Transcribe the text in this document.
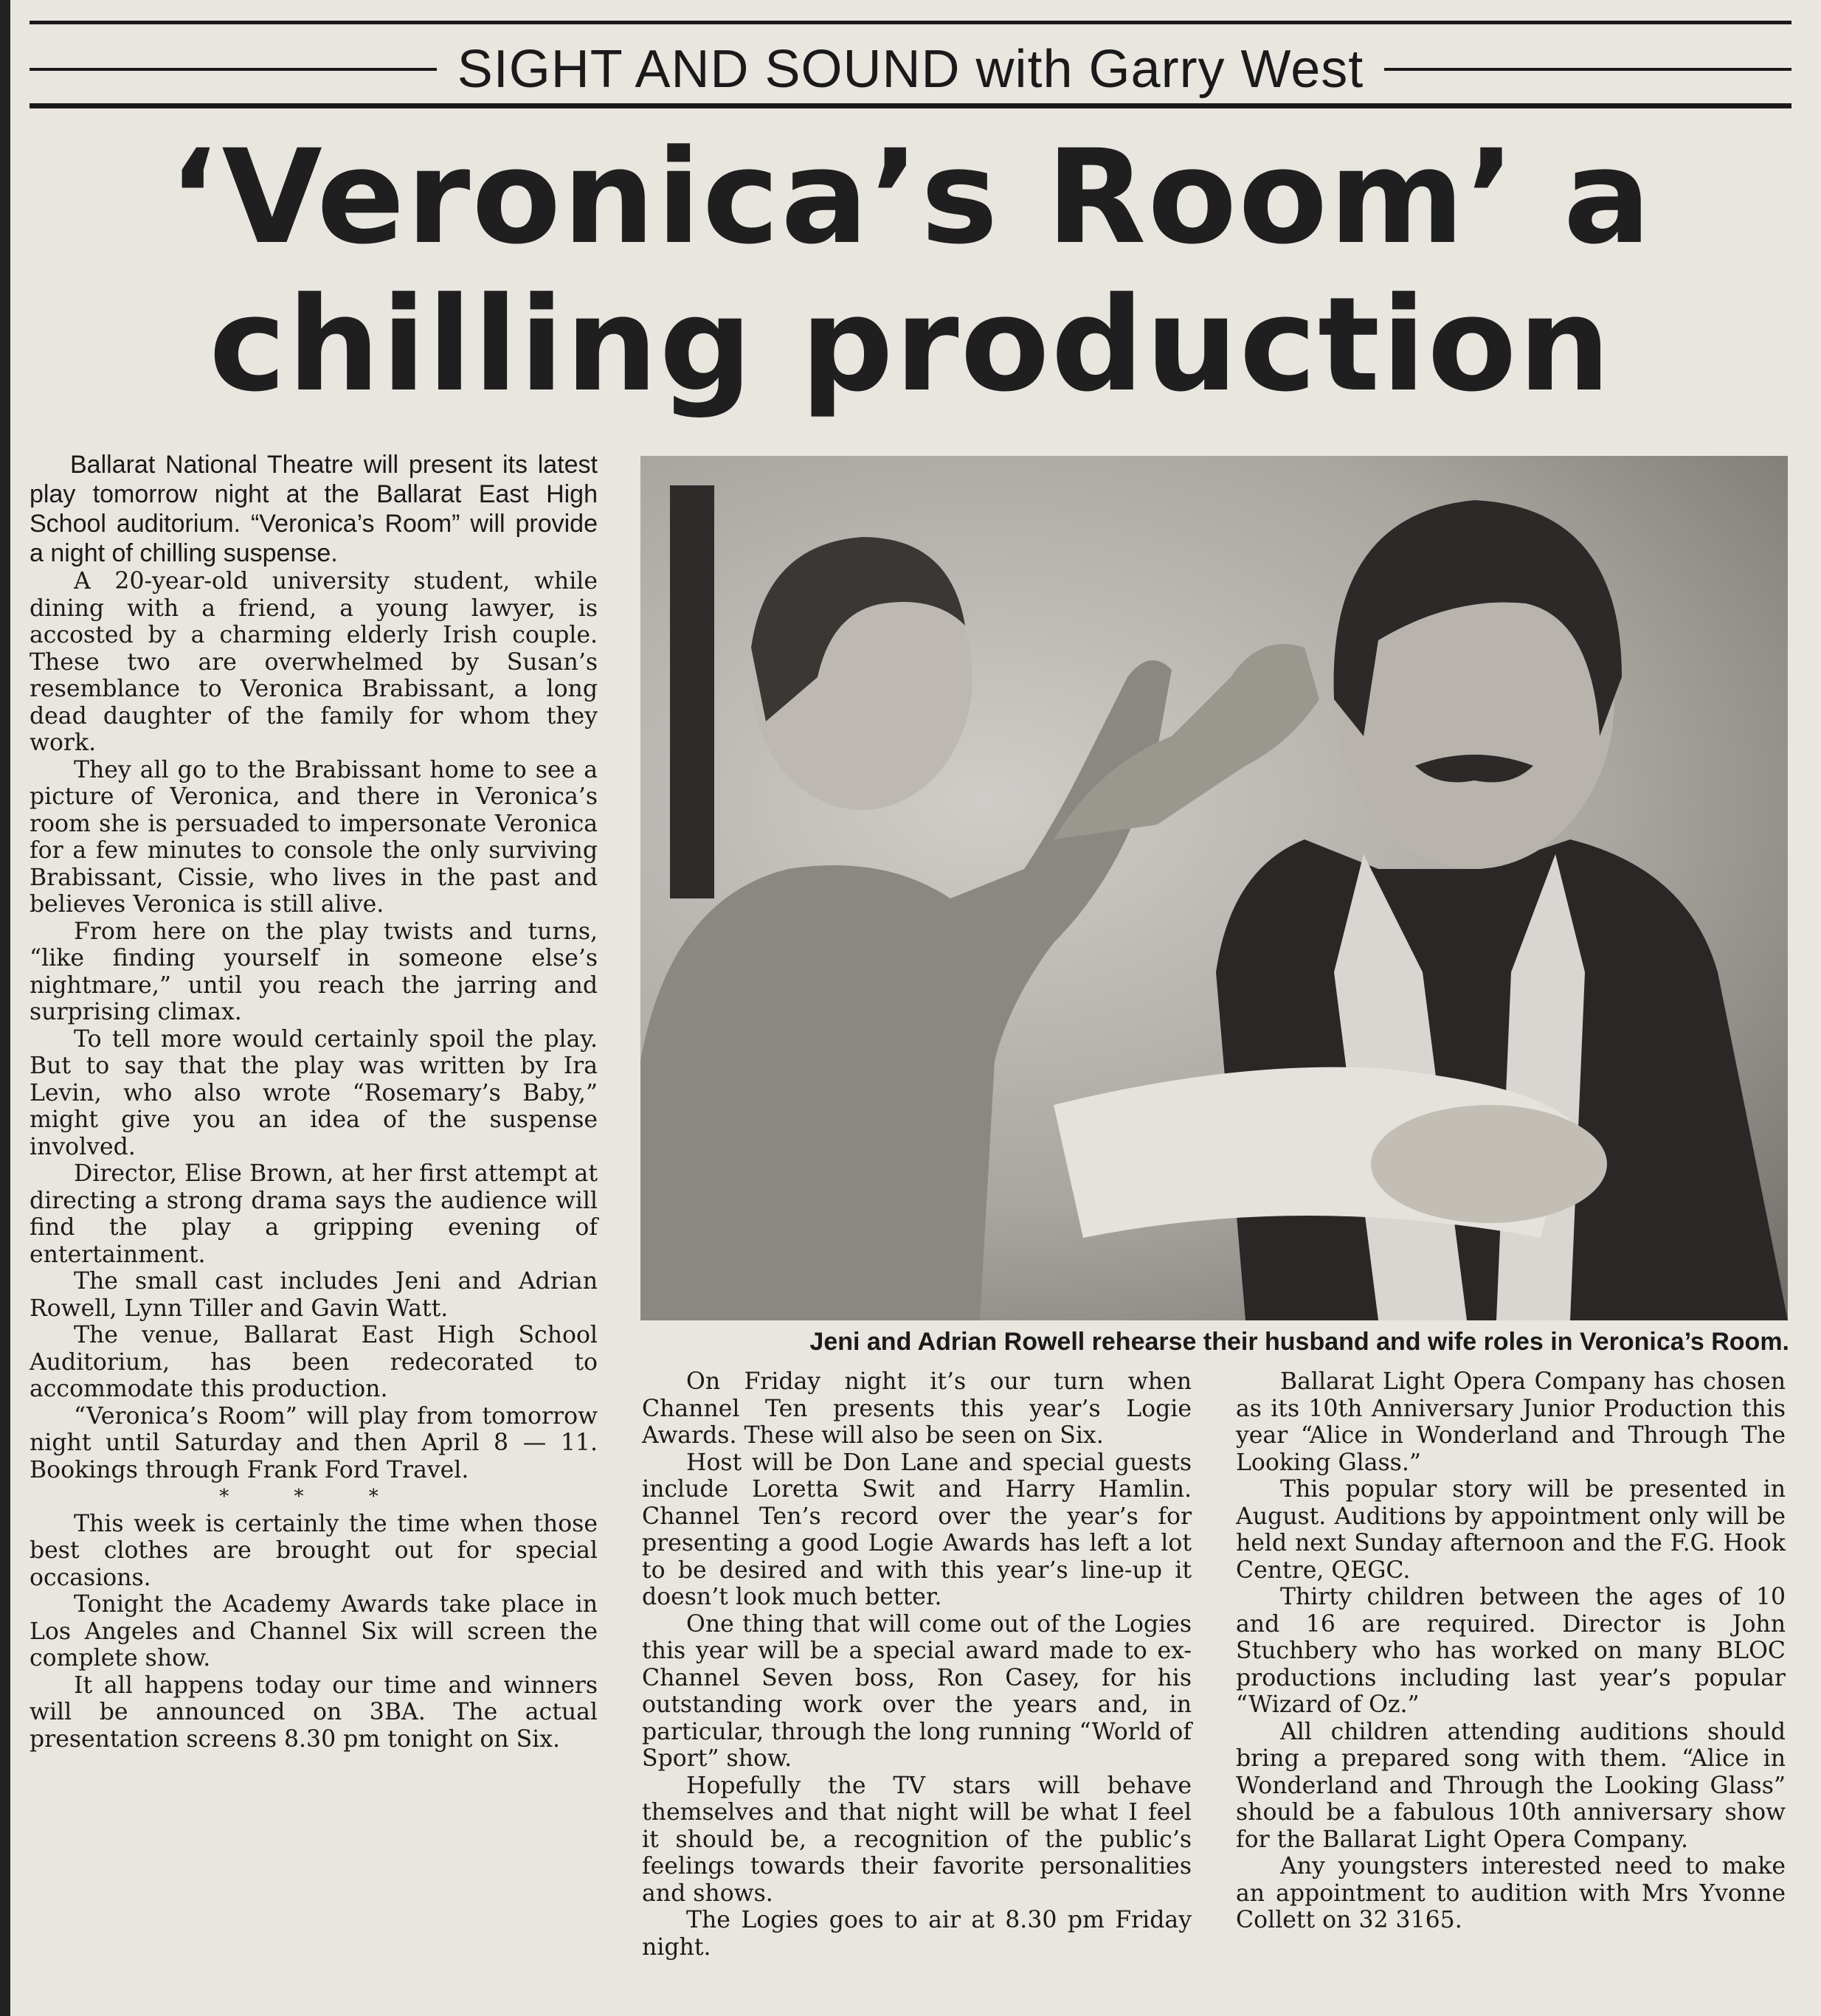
SIGHT AND SOUND with Garry West
‘Veronica’s Room’ a
chilling production

Ballarat National Theatre will present its latest play tomorrow night at the Ballarat East High School auditorium. “Veronica’s Room” will provide a night of chilling suspense.

A 20-year-old university student, while dining with a friend, a young lawyer, is accosted by a charming elderly Irish couple. These two are overwhelmed by Susan’s resemblance to Veronica Brabissant, a long dead daughter of the family for whom they work.

They all go to the Brabissant home to see a picture of Veronica, and there in Veronica’s room she is persuaded to impersonate Veronica for a few minutes to console the only surviving Brabissant, Cissie, who lives in the past and believes Veronica is still alive.

From here on the play twists and turns, “like finding yourself in someone else’s nightmare,” until you reach the jarring and surprising climax.

To tell more would certainly spoil the play. But to say that the play was written by Ira Levin, who also wrote “Rosemary’s Baby,” might give you an idea of the suspense involved.

Director, Elise Brown, at her first attempt at directing a strong drama says the audience will find the play a gripping evening of entertainment.

The small cast includes Jeni and Adrian Rowell, Lynn Tiller and Gavin Watt.

The venue, Ballarat East High School Auditorium, has been redecorated to accommodate this production.

“Veronica’s Room” will play from tomorrow night until Saturday and then April 8 — 11. Bookings through Frank Ford Travel.

* * *

This week is certainly the time when those best clothes are brought out for special occasions.

Tonight the Academy Awards take place in Los Angeles and Channel Six will screen the complete show.

It all happens today our time and winners will be announced on 3BA. The actual presentation screens 8.30 pm tonight on Six.

Jeni and Adrian Rowell rehearse their husband and wife roles in Veronica’s Room.

On Friday night it’s our turn when Channel Ten presents this year’s Logie Awards. These will also be seen on Six.

Host will be Don Lane and special guests include Loretta Swit and Harry Hamlin. Channel Ten’s record over the year’s for presenting a good Logie Awards has left a lot to be desired and with this year’s line-up it doesn’t look much better.

One thing that will come out of the Logies this year will be a special award made to ex-Channel Seven boss, Ron Casey, for his outstanding work over the years and, in particular, through the long running “World of Sport” show.

Hopefully the TV stars will behave themselves and that night will be what I feel it should be, a recognition of the public’s feelings towards their favorite personalities and shows.

The Logies goes to air at 8.30 pm Friday night.

Ballarat Light Opera Company has chosen as its 10th Anniversary Junior Production this year “Alice in Wonderland and Through The Looking Glass.”

This popular story will be presented in August. Auditions by appointment only will be held next Sunday afternoon and the F.G. Hook Centre, QEGC.

Thirty children between the ages of 10 and 16 are required. Director is John Stuchbery who has worked on many BLOC productions including last year’s popular “Wizard of Oz.”

All children attending auditions should bring a prepared song with them. “Alice in Wonderland and Through the Looking Glass” should be a fabulous 10th anniversary show for the Ballarat Light Opera Company.

Any youngsters interested need to make an appointment to audition with Mrs Yvonne Collett on 32 3165.
